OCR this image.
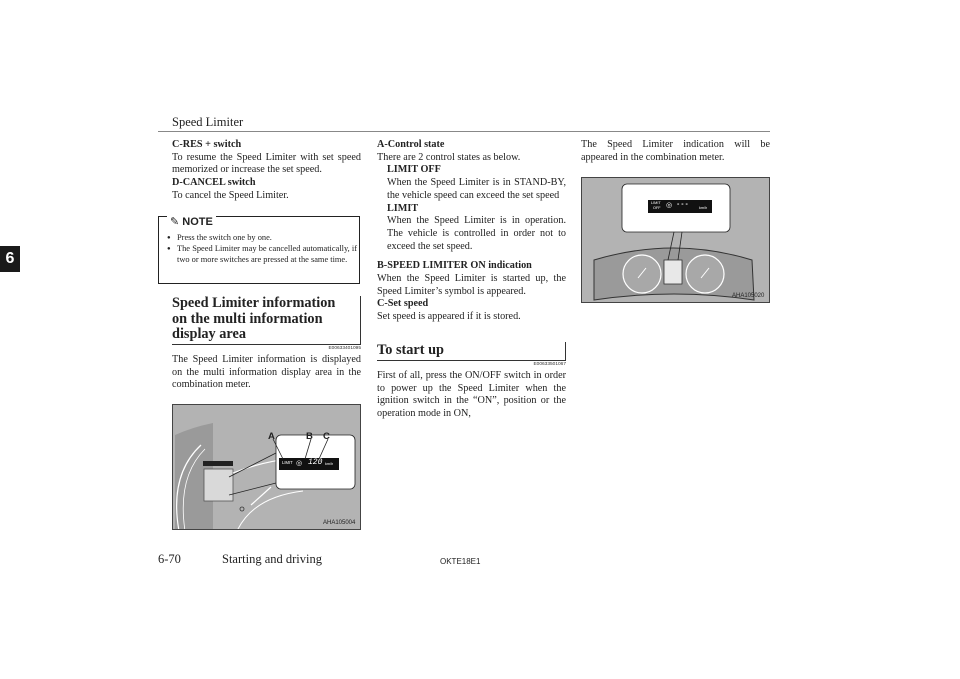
Speed Limiter
6

C-RES + switch

To resume the Speed Limiter with set speed memorized or increase the set speed.

D-CANCEL switch

To cancel the Speed Limiter.

✎ NOTE
● Press the switch one by one.
● The Speed Limiter may be cancelled automatically, if two or more switches are pressed at the same time.
Speed Limiter information on the multi information display area
E00633401095
The Speed Limiter information is displayed on the multi information display area in the combination meter.
A	B C
LIMIT ◎ 120 km/h
AHA105004

A-Control state

There are 2 control states as below.

LIMIT OFF

When the Speed Limiter is in STAND-BY, the vehicle speed can exceed the set speed

LIMIT

When the Speed Limiter is in operation. The vehicle is controlled in order not to exceed the set speed.

B-SPEED LIMITER ON indication

When the Speed Limiter is started up, the Speed Limiter’s symbol is appeared.

C-Set speed

Set speed is appeared if it is stored.

To start up
E00633501067
First of all, press the ON/OFF switch in order to power up the Speed Limiter when the ignition switch in the “ON”, position or the operation mode in ON,
The Speed Limiter indication will be appeared in the combination meter.
LIMIT
OFF ◎ - - -	km/h
AHA105020
6-70	Starting and driving	OKTE18E1
